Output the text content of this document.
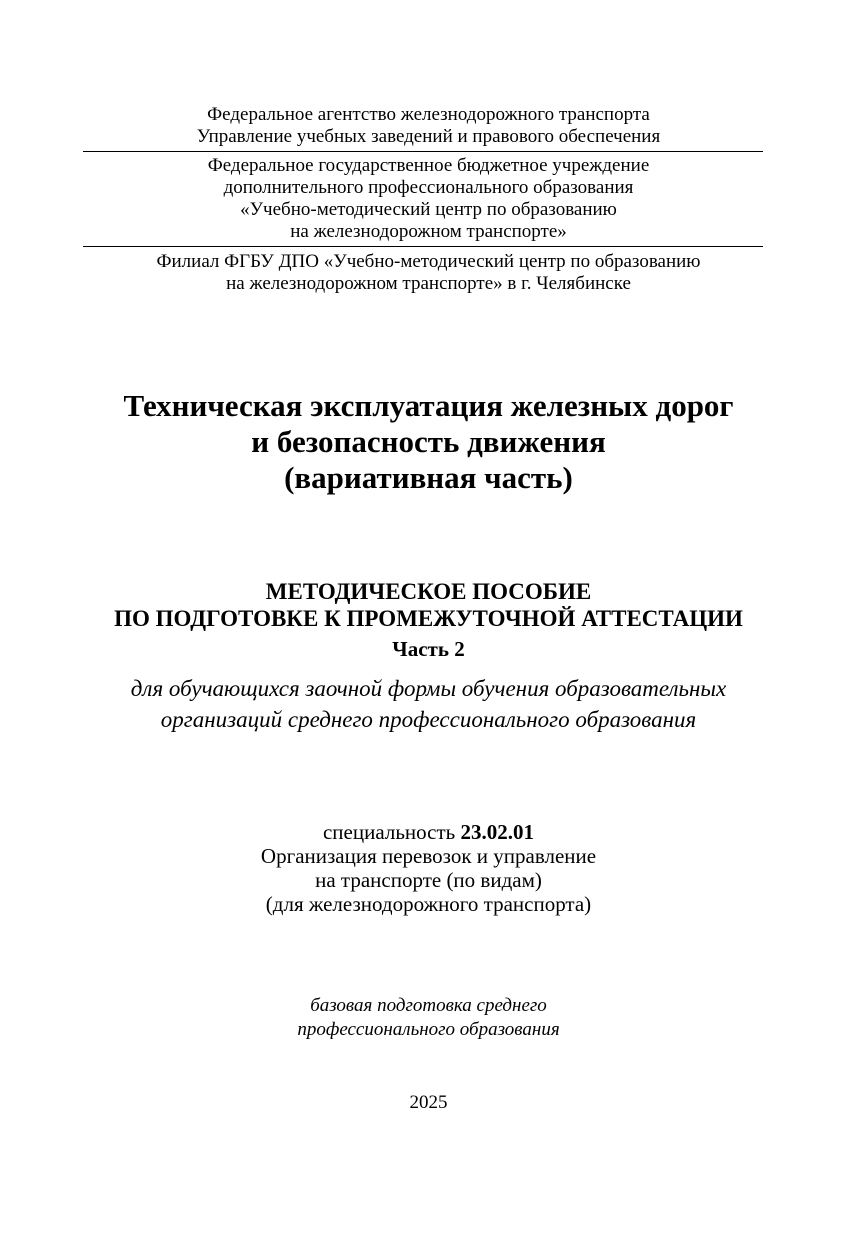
Федеральное агентство железнодорожного транспорта
Управление учебных заведений и правового обеспечения
Федеральное государственное бюджетное учреждение
дополнительного профессионального образования
«Учебно-методический центр по образованию
на железнодорожном транспорте»
Филиал ФГБУ ДПО «Учебно-методический центр по образованию
на железнодорожном транспорте» в г. Челябинске
Техническая эксплуатация железных дорог
и безопасность движения
(вариативная часть)
МЕТОДИЧЕСКОЕ ПОСОБИЕ
ПО ПОДГОТОВКЕ К ПРОМЕЖУТОЧНОЙ АТТЕСТАЦИИ
Часть 2
для обучающихся заочной формы обучения образовательных
организаций среднего профессионального образования
специальность 23.02.01
Организация перевозок и управление
на транспорте (по видам)
(для железнодорожного транспорта)
базовая подготовка среднего
профессионального образования
2025
